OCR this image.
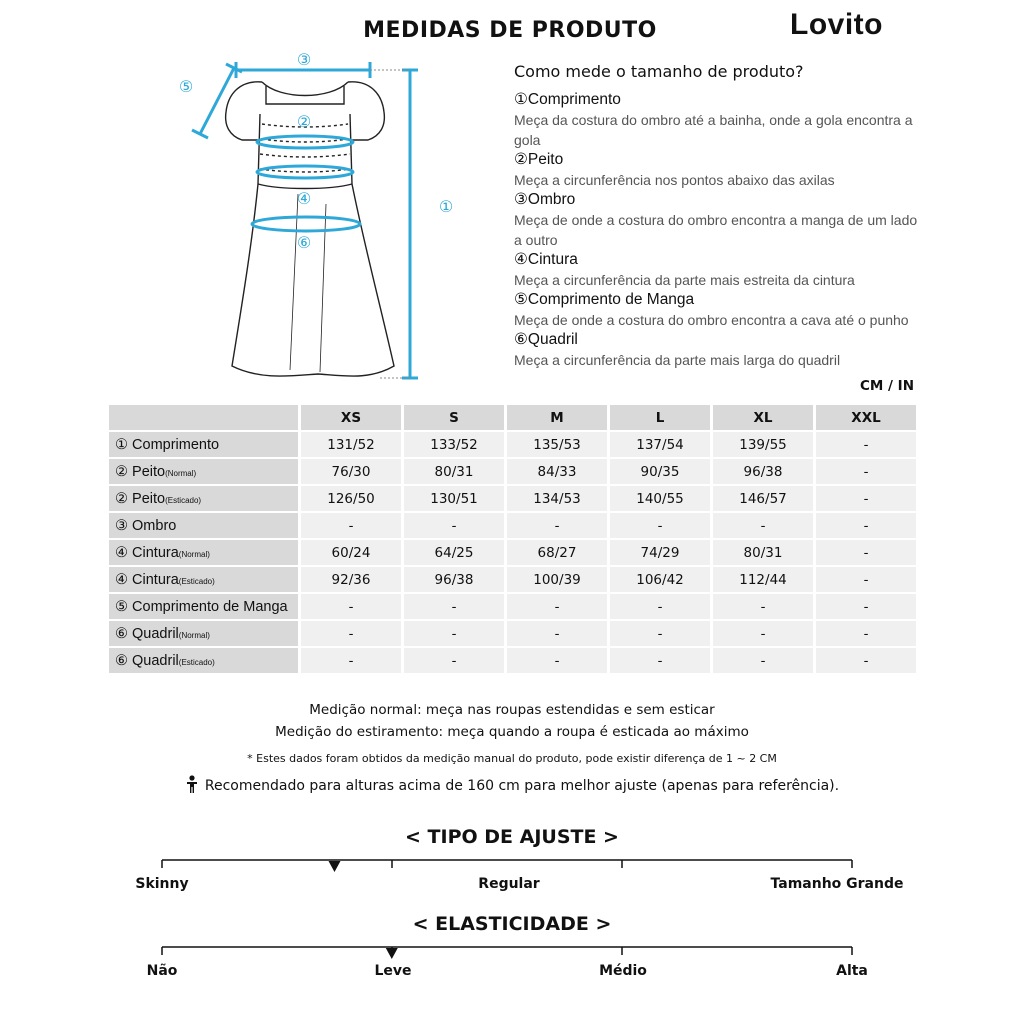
MEDIDAS DE PRODUTO	Lovito
③
⑤
②
④
⑥
①
Como mede o tamanho de produto?
①Comprimento
Meça da costura do ombro até a bainha, onde a gola encontra a gola
②Peito
Meça a circunferência nos pontos abaixo das axilas
③Ombro
Meça de onde a costura do ombro encontra a manga de um lado a outro
④Cintura
Meça a circunferência da parte mais estreita da cintura
⑤Comprimento de Manga
Meça de onde a costura do ombro encontra a cava até o punho
⑥Quadril
Meça a circunferência da parte mais larga do quadril
CM / IN
	XS	S	M	L	XL	XXL
① Comprimento	131/52	133/52	135/53	137/54	139/55	-
② Peito(Normal)	76/30	80/31	84/33	90/35	96/38	-
② Peito(Esticado)	126/50	130/51	134/53	140/55	146/57	-
③ Ombro	-	-	-	-	-	-
④ Cintura(Normal)	60/24	64/25	68/27	74/29	80/31	-
④ Cintura(Esticado)	92/36	96/38	100/39	106/42	112/44	-
⑤ Comprimento de Manga	-	-	-	-	-	-
⑥ Quadril(Normal)	-	-	-	-	-	-
⑥ Quadril(Esticado)	-	-	-	-	-	-
Medição normal: meça nas roupas estendidas e sem esticar
Medição do estiramento: meça quando a roupa é esticada ao máximo
* Estes dados foram obtidos da medição manual do produto, pode existir diferença de 1 ~ 2 CM
Recomendado para alturas acima de 160 cm para melhor ajuste (apenas para referência).
< TIPO DE AJUSTE >
Skinny	Regular	Tamanho Grande
< ELASTICIDADE >
Não	Leve	Médio	Alta
